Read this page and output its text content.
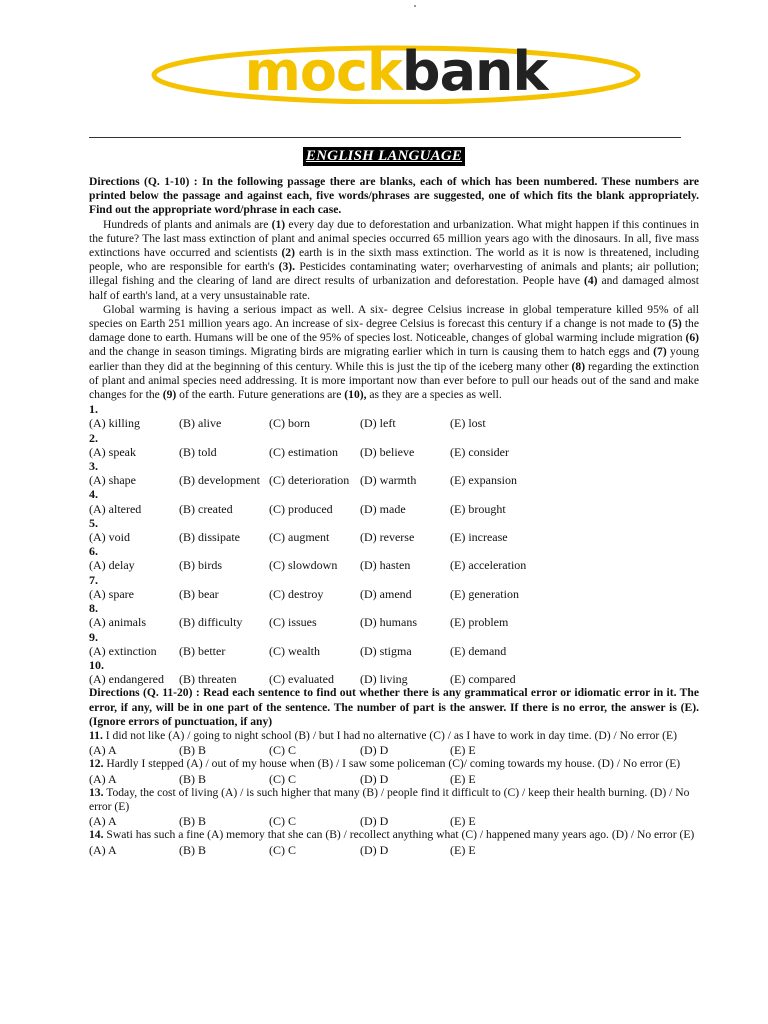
mockbank
ENGLISH LANGUAGE
Directions (Q. 1-10) : In the following passage there are blanks, each of which has been numbered. These numbers are printed below the passage and against each, five words/phrases are suggested, one of which fits the blank appropriately. Find out the appropriate word/phrase in each case.
Hundreds of plants and animals are (1) every day due to deforestation and urbanization. What might happen if this continues in the future? The last mass extinction of plant and animal species occurred 65 million years ago with the dinosaurs. In all, five mass extinctions have occurred and scientists (2) earth is in the sixth mass extinction. The world as it is now is threatened, including people, who are responsible for earth's (3). Pesticides contaminating water; overharvesting of animals and plants; air pollution; illegal fishing and the clearing of land are direct results of urbanization and deforestation. People have (4) and damaged almost half of earth's land, at a very unsustainable rate.
Global warming is having a serious impact as well. A six- degree Celsius increase in global temperature killed 95% of all species on Earth 251 million years ago. An increase of six- degree Celsius is forecast this century if a change is not made to (5) the damage done to earth. Humans will be one of the 95% of species lost. Noticeable, changes of global warming include migration (6) and the change in season timings. Migrating birds are migrating earlier which in turn is causing them to hatch eggs and (7) young earlier than they did at the beginning of this century. While this is just the tip of the iceberg many other (8) regarding the extinction of plant and animal species need addressing. It is more important now than ever before to pull our heads out of the sand and make changes for the (9) of the earth. Future generations are (10), as they are a species as well.
1.
(A) killing	(B) alive	(C) born	(D) left	(E) lost
2.
(A) speak	(B) told	(C) estimation	(D) believe	(E) consider
3.
(A) shape	(B) development (C) deterioration (D) warmth	(E) expansion
4.
(A) altered	(B) created	(C) produced	(D) made	(E) brought
5.
(A) void	(B) dissipate	(C) augment	(D) reverse	(E) increase
6.
(A) delay	(B) birds	(C) slowdown	(D) hasten	(E) acceleration
7.
(A) spare	(B) bear	(C) destroy	(D) amend	(E) generation
8.
(A) animals	(B) difficulty	(C) issues	(D) humans	(E) problem
9.
(A) extinction	(B) better	(C) wealth	(D) stigma	(E) demand
10.
(A) endangered	(B) threaten	(C) evaluated	(D) living	(E) compared
Directions (Q. 11-20) : Read each sentence to find out whether there is any grammatical error or idiomatic error in it. The error, if any, will be in one part of the sentence. The number of part is the answer. If there is no error, the answer is (E). (Ignore errors of punctuation, if any)
11. I did not like (A) / going to night school (B) / but I had no alternative (C) / as I have to work in day time. (D) / No error (E)
(A) A	(B) B	(C) C	(D) D	(E) E
12. Hardly I stepped (A) / out of my house when (B) / I saw some policeman (C)/ coming towards my house. (D) / No error (E)
(A) A	(B) B	(C) C	(D) D	(E) E
13. Today, the cost of living (A) / is such higher that many (B) / people find it difficult to (C) / keep their health burning. (D) / No error (E)
(A) A	(B) B	(C) C	(D) D	(E) E
14. Swati has such a fine (A) memory that she can (B) / recollect anything what (C) / happened many years ago. (D) / No error (E)
(A) A	(B) B	(C) C	(D) D	(E) E
